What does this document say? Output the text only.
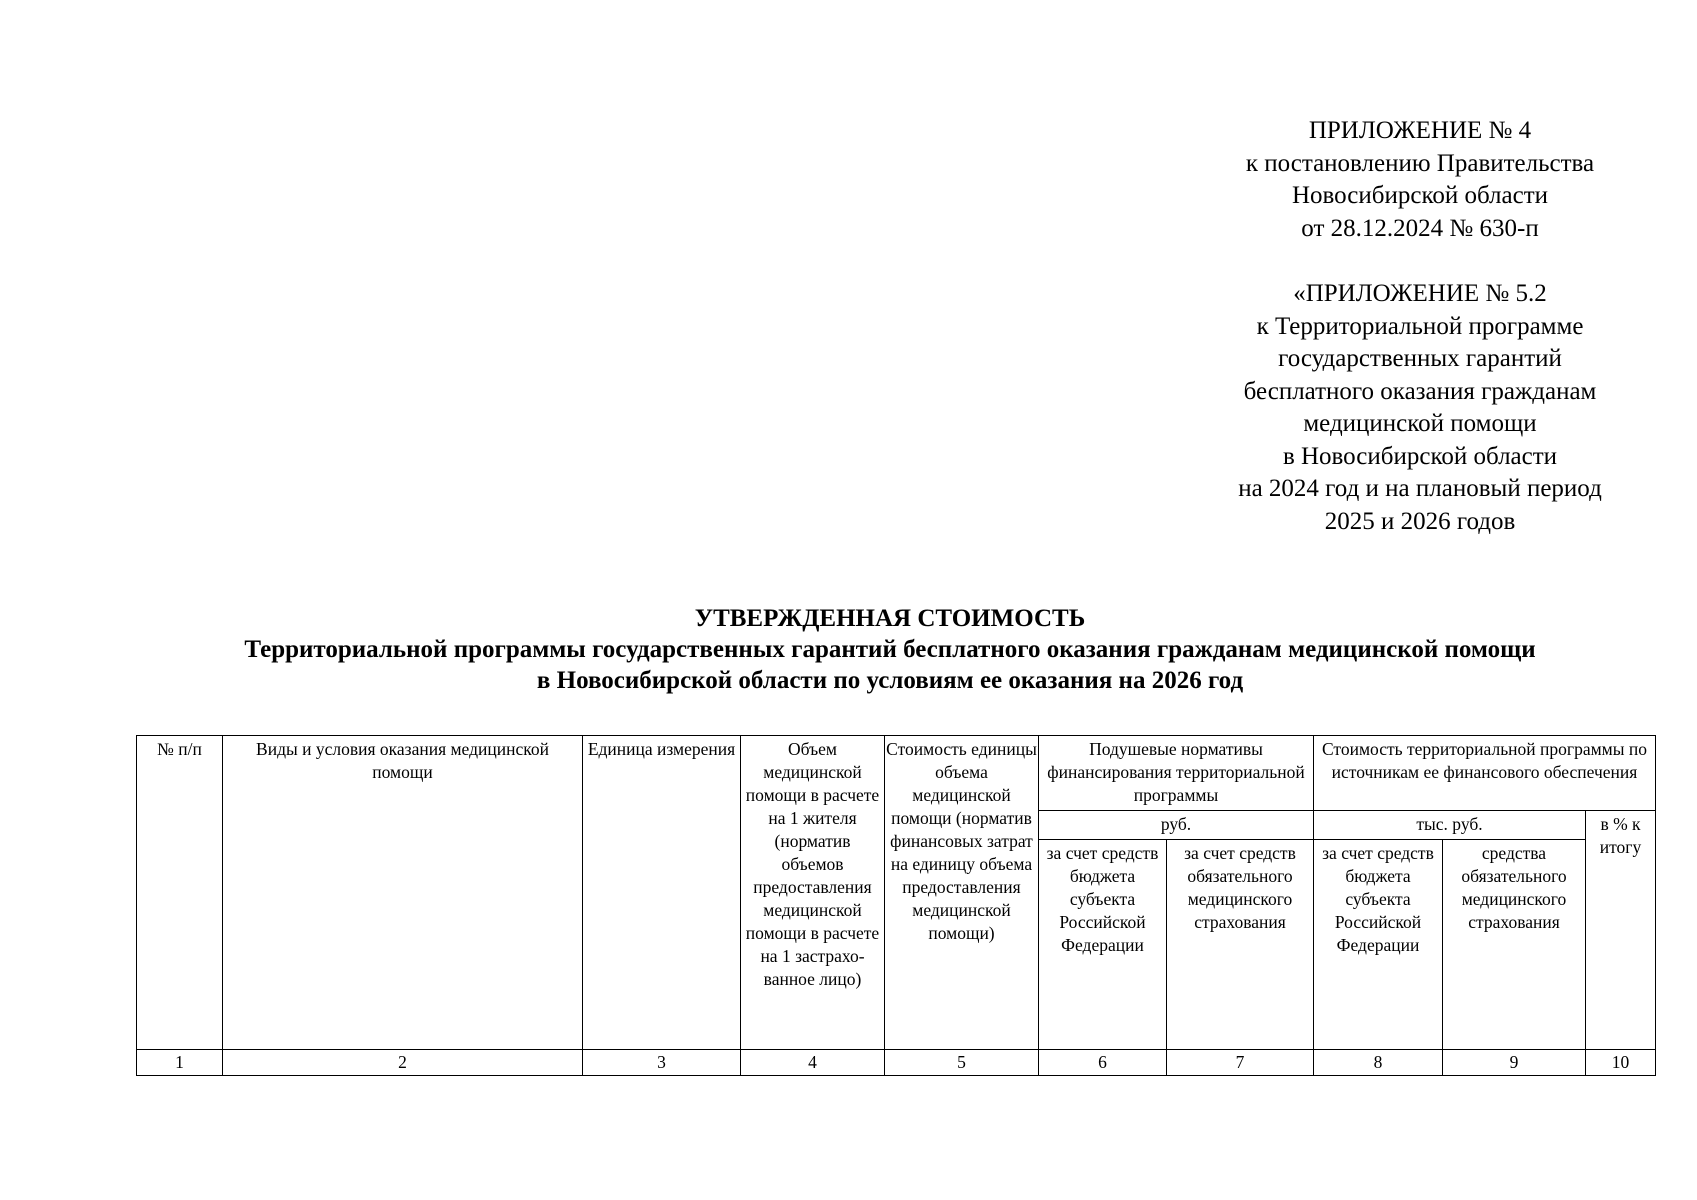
ПРИЛОЖЕНИЕ № 4
к постановлению Правительства
Новосибирской области
от 28.12.2024 № 630-п
«ПРИЛОЖЕНИЕ № 5.2
к Территориальной программе
государственных гарантий
бесплатного оказания гражданам
медицинской помощи
в Новосибирской области
на 2024 год и на плановый период
2025 и 2026 годов
УТВЕРЖДЕННАЯ СТОИМОСТЬ
Территориальной программы государственных гарантий бесплатного оказания гражданам медицинской помощи
в Новосибирской области по условиям ее оказания на 2026 год
№ п/п	Виды и условия оказания медицинской помощи	Единица измерения	Объем медицинской помощи в расчете на 1 жителя (норматив объемов предоставления медицинской помощи в расчете на 1 застрахо-ванное лицо)	Стоимость единицы объема медицинской помощи (норматив финансовых затрат на единицу объема предоставления медицинской помощи)	Подушевые нормативы финансирования территориальной программы		Стоимость территориальной программы по источникам ее финансового обеспечения		
					руб.		тыс. руб.		в % к итогу
					за счет средств бюджета субъекта Российской Федерации	за счет средств обязательного медицинского страхования	за счет средств бюджета субъекта Российской Федерации	средства обязательного медицинского страхования	
1	2	3	4	5	6	7	8	9	10
